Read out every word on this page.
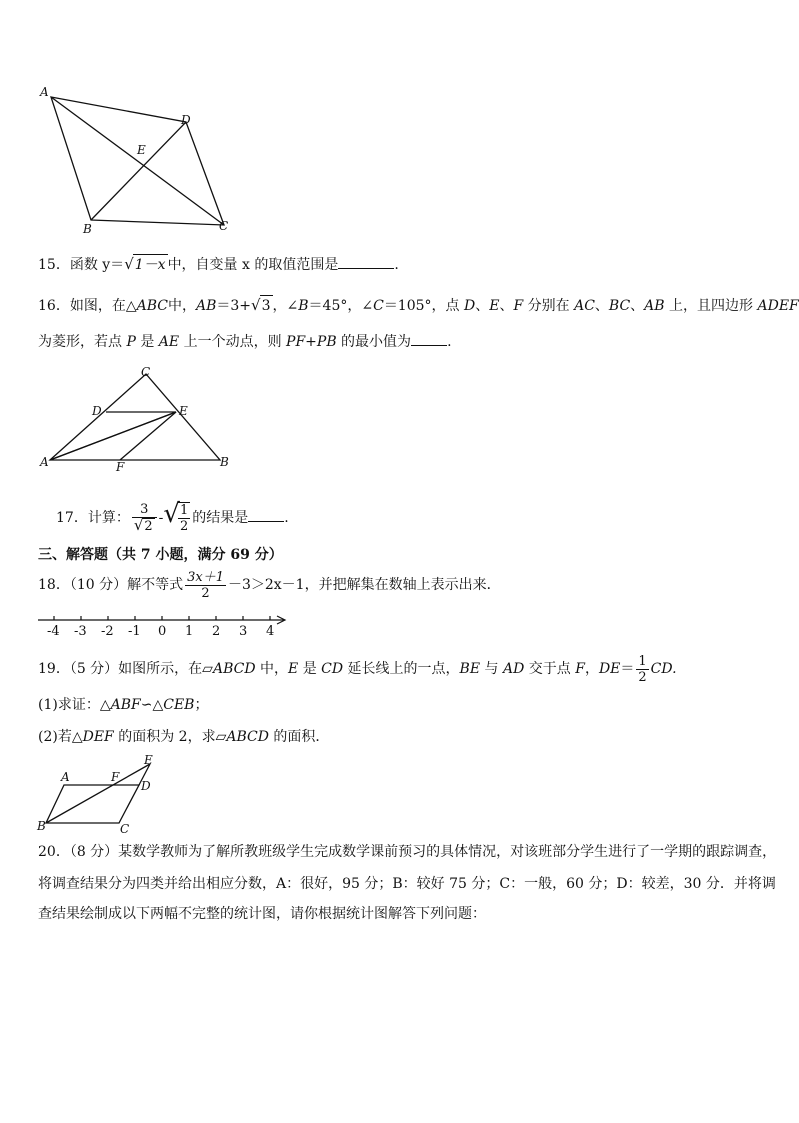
A
D
E
B	C
15．函数 y＝√1－x 中，自变量 x 的取值范围是	.
16．如图，在△ABC中，AB＝3+√3 ，∠B＝45°，∠C＝105°，点 D、E、F 分别在 AC、BC、AB 上，且四边形 ADEF
为菱形，若点 P 是 AE 上一个动点，则 PF+PB 的最小值为	.
C
D	E
A	F	B
17．计算： $\frac{3}{√2}$ -√
$\frac{1}{2}$ 的结果是	.
三、解答题（共 7 小题，满分 69 分）
18．（10 分）解不等式 $\frac{3x+1}{2} -3>2x-1$，并把解集在数轴上表示出来．
-4 -3 -2 -1 0 1 2 3 4
19．（5 分）如图所示，在▱ABCD 中，E 是 CD 延长线上的一点，BE 与 AD 交于点 F，$DE= \frac{1}{2}$ CD.
(1)求证：△ABF∽△CEB；
(2)若△DEF 的面积为 2，求▱ABCD 的面积．
A	F
E
D
B	C
20．（8 分）某数学教师为了解所教班级学生完成数学课前预习的具体情况，对该班部分学生进行了一学期的跟踪调查，
将调查结果分为四类并给出相应分数，A：很好，95 分；B：较好 75 分；C：一般，60 分；D：较差，30 分．并将调
查结果绘制成以下两幅不完整的统计图，请你根据统计图解答下列问题：
